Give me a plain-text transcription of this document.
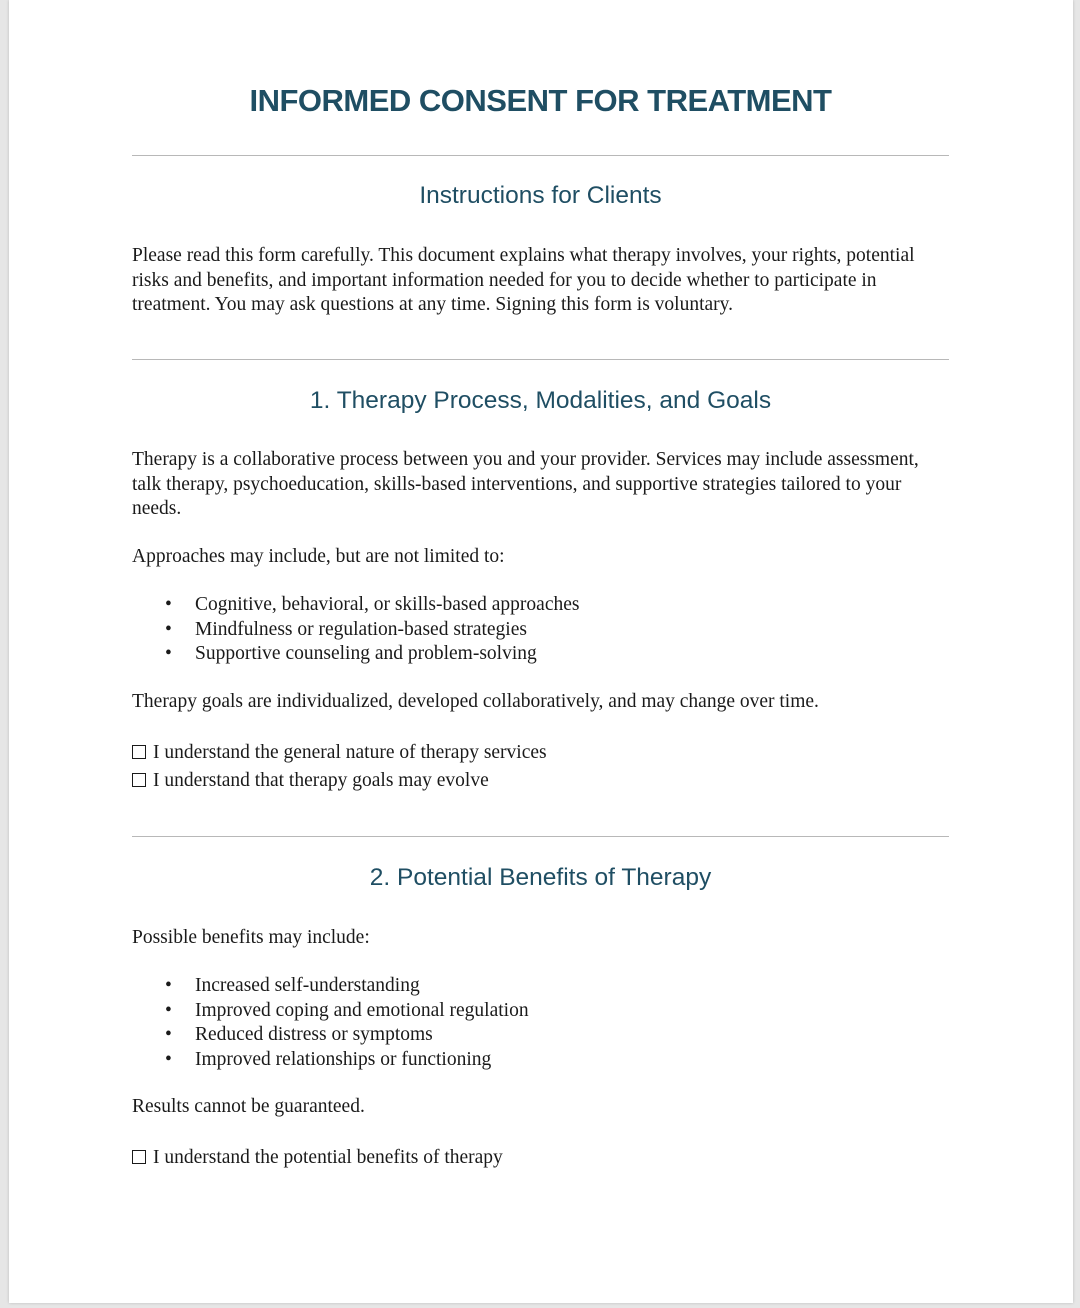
INFORMED CONSENT FOR TREATMENT
Instructions for Clients

Please read this form carefully. This document explains what therapy involves, your rights, potential risks and benefits, and important information needed for you to decide whether to participate in treatment. You may ask questions at any time. Signing this form is voluntary.

1. Therapy Process, Modalities, and Goals

Therapy is a collaborative process between you and your provider. Services may include assessment, talk therapy, psychoeducation, skills-based interventions, and supportive strategies tailored to your needs.

Approaches may include, but are not limited to:

• Cognitive, behavioral, or skills-based approaches
• Mindfulness or regulation-based strategies
• Supportive counseling and problem-solving

Therapy goals are individualized, developed collaboratively, and may change over time.

I understand the general nature of therapy services
I understand that therapy goals may evolve
2. Potential Benefits of Therapy

Possible benefits may include:

• Increased self-understanding
• Improved coping and emotional regulation
• Reduced distress or symptoms
• Improved relationships or functioning

Results cannot be guaranteed.

I understand the potential benefits of therapy
